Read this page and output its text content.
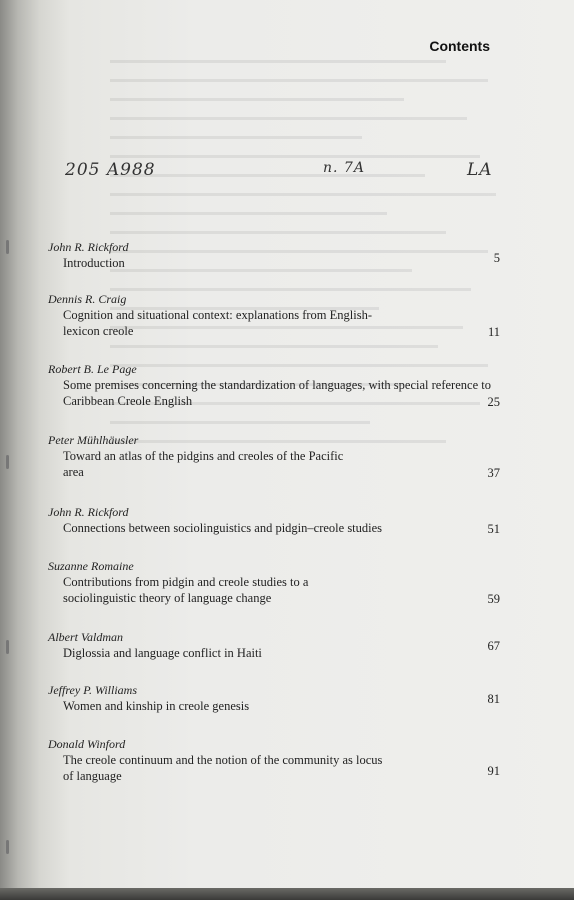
Contents
205 A988	n. 7A	LA
John R. Rickford
Introduction	5
Dennis R. Craig
Cognition and situational context: explanations from English-lexicon creole	11
Robert B. Le Page
Some premises concerning the standardization of languages, with special reference to Caribbean Creole English	25
Peter Mühlhäusler
Toward an atlas of the pidgins and creoles of the Pacific area	37
John R. Rickford
Connections between sociolinguistics and pidgin–creole studies	51
Suzanne Romaine
Contributions from pidgin and creole studies to a sociolinguistic theory of language change	59
Albert Valdman
Diglossia and language conflict in Haiti	67
Jeffrey P. Williams
Women and kinship in creole genesis	81
Donald Winford
The creole continuum and the notion of the community as locus of language	91
